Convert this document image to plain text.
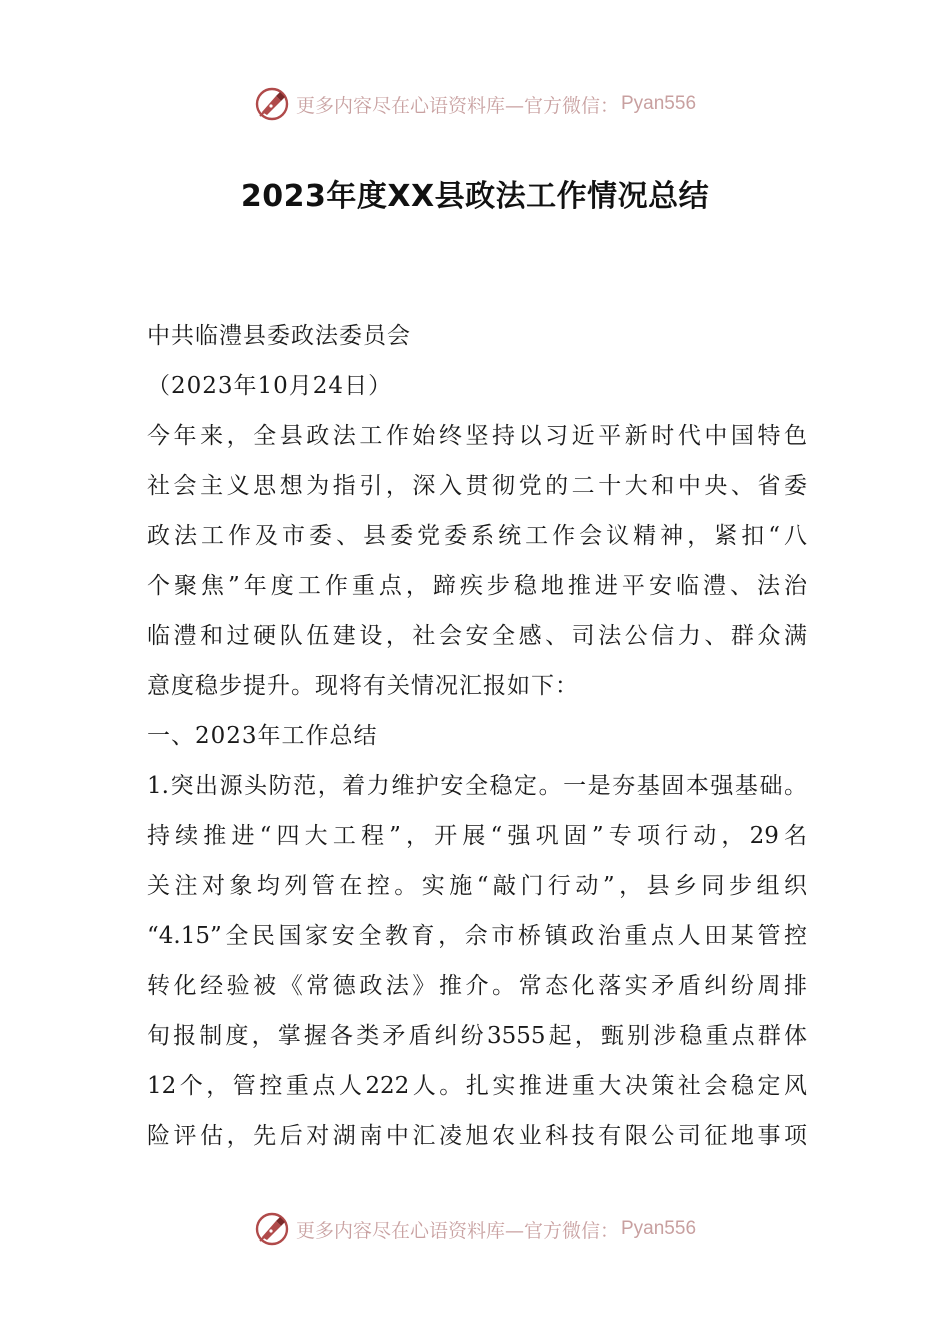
更多内容尽在心语资料库—官方微信： Pyan556
2023年度XX县政法工作情况总结
中共临澧县委政法委员会
（2023年10月24日）
今年来，全县政法工作始终坚持以习近平新时代中国特色
社会主义思想为指引，深入贯彻党的二十大和中央、省委
政法工作及市委、县委党委系统工作会议精神，紧扣“八
个聚焦”年度工作重点，蹄疾步稳地推进平安临澧、法治
临澧和过硬队伍建设，社会安全感、司法公信力、群众满
意度稳步提升。现将有关情况汇报如下：
一、2023年工作总结
1.突出源头防范，着力维护安全稳定。一是夯基固本强基础。
持续推进“四大工程”，开展“强巩固”专项行动，29名
关注对象均列管在控。实施“敲门行动”，县乡同步组织
“4.15”全民国家安全教育，佘市桥镇政治重点人田某管控
转化经验被《常德政法》推介。常态化落实矛盾纠纷周排
旬报制度，掌握各类矛盾纠纷3555起，甄别涉稳重点群体
12个，管控重点人222人。扎实推进重大决策社会稳定风
险评估，先后对湖南中汇凌旭农业科技有限公司征地事项
更多内容尽在心语资料库—官方微信： Pyan556
